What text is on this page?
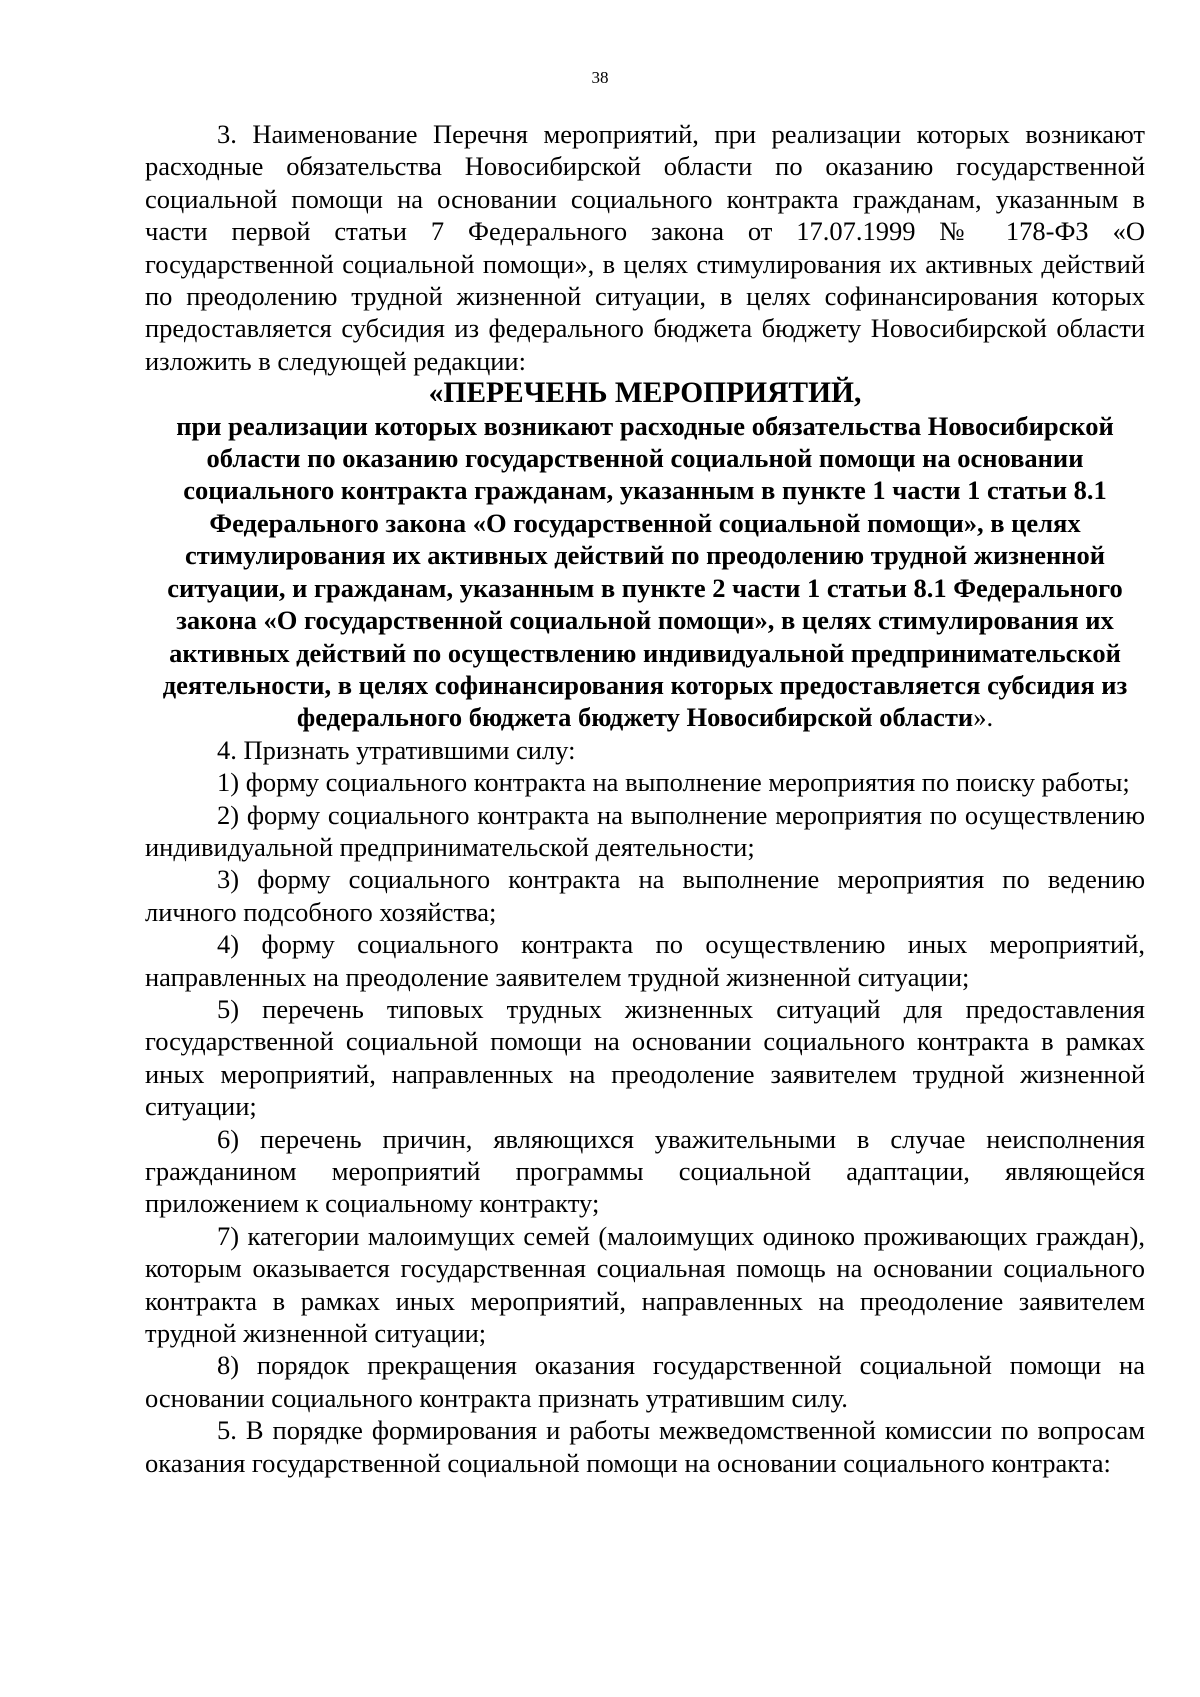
38

3. Наименование Перечня мероприятий, при реализации которых возникают расходные обязательства Новосибирской области по оказанию государственной социальной помощи на основании социального контракта гражданам, указанным в части первой статьи 7 Федерального закона от 17.07.1999 № 178-ФЗ «О государственной социальной помощи», в целях стимулирования их активных действий по преодолению трудной жизненной ситуации, в целях софинансирования которых предоставляется субсидия из федерального бюджета бюджету Новосибирской области изложить в следующей редакции:

«ПЕРЕЧЕНЬ МЕРОПРИЯТИЙ,
при реализации которых возникают расходные обязательства Новосибирской области по оказанию государственной социальной помощи на основании социального контракта гражданам, указанным в пункте 1 части 1 статьи 8.1 Федерального закона «О государственной социальной помощи», в целях стимулирования их активных действий по преодолению трудной жизненной ситуации, и гражданам, указанным в пункте 2 части 1 статьи 8.1 Федерального закона «О государственной социальной помощи», в целях стимулирования их активных действий по осуществлению индивидуальной предпринимательской деятельности, в целях софинансирования которых предоставляется субсидия из федерального бюджета бюджету Новосибирской области».

4. Признать утратившими силу:

1) форму социального контракта на выполнение мероприятия по поиску работы;

2) форму социального контракта на выполнение мероприятия по осуществлению индивидуальной предпринимательской деятельности;

3) форму социального контракта на выполнение мероприятия по ведению личного подсобного хозяйства;

4) форму социального контракта по осуществлению иных мероприятий, направленных на преодоление заявителем трудной жизненной ситуации;

5) перечень типовых трудных жизненных ситуаций для предоставления государственной социальной помощи на основании социального контракта в рамках иных мероприятий, направленных на преодоление заявителем трудной жизненной ситуации;

6) перечень причин, являющихся уважительными в случае неисполнения гражданином мероприятий программы социальной адаптации, являющейся приложением к социальному контракту;

7) категории малоимущих семей (малоимущих одиноко проживающих граждан), которым оказывается государственная социальная помощь на основании социального контракта в рамках иных мероприятий, направленных на преодоление заявителем трудной жизненной ситуации;

8) порядок прекращения оказания государственной социальной помощи на основании социального контракта признать утратившим силу.

5. В порядке формирования и работы межведомственной комиссии по вопросам оказания государственной социальной помощи на основании социального контракта:
